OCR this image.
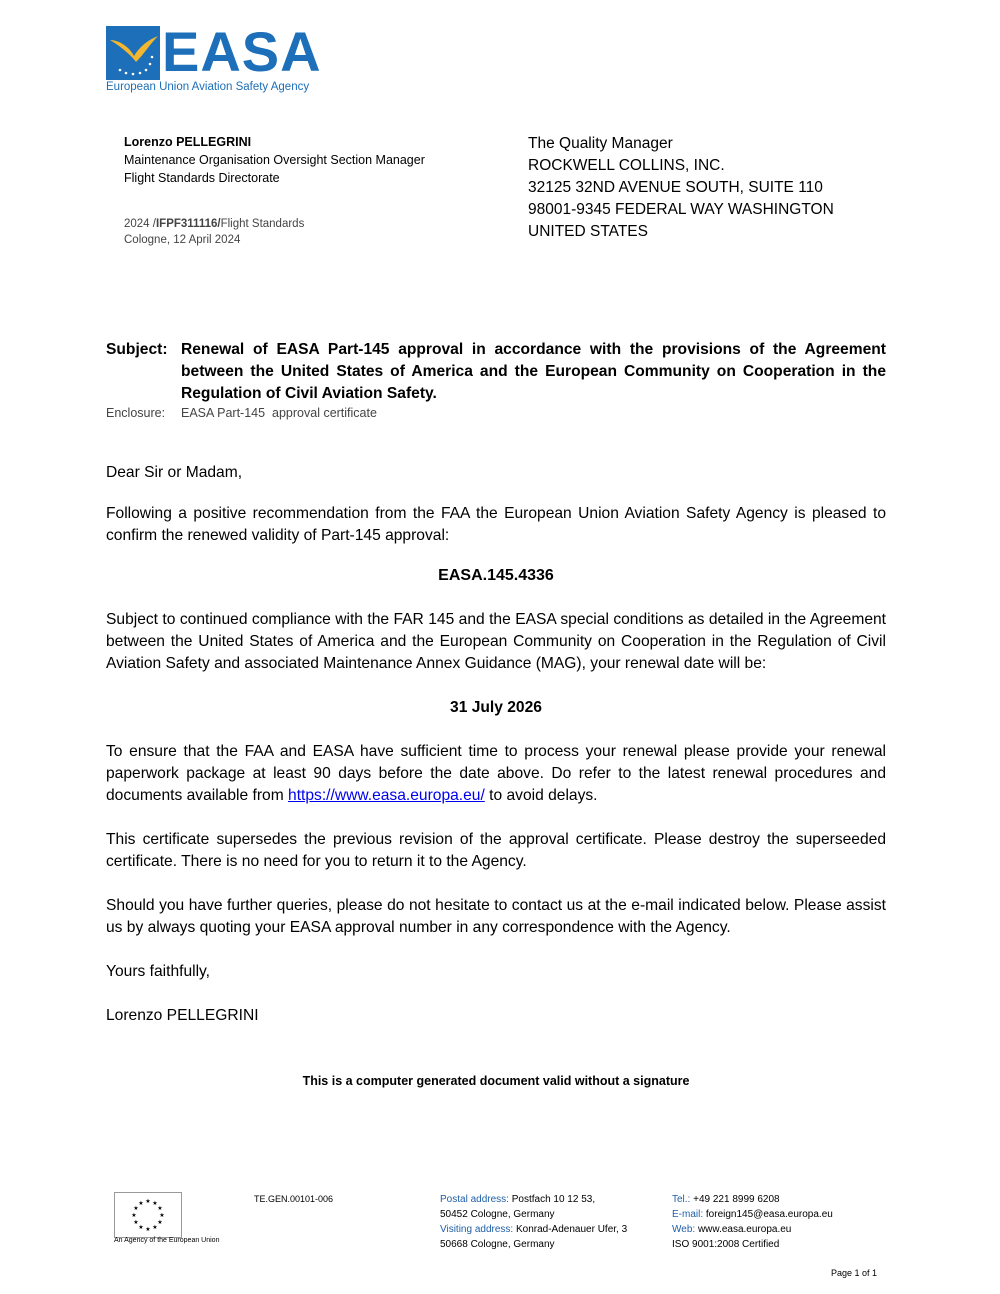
EASA
European Union Aviation Safety Agency
Lorenzo PELLEGRINI
Maintenance Organisation Oversight Section Manager
Flight Standards Directorate
2024 /IFPF311116/Flight Standards
Cologne, 12 April 2024
The Quality Manager
ROCKWELL COLLINS, INC.
32125 32ND AVENUE SOUTH, SUITE 110
98001-9345 FEDERAL WAY WASHINGTON
UNITED STATES
Subject: Renewal of EASA Part-145 approval in accordance with the provisions of the Agreement between the United States of America and the European Community on Cooperation in the Regulation of Civil Aviation Safety.
Enclosure: EASA Part-145  approval certificate
Dear Sir or Madam,
Following a positive recommendation from the FAA the European Union Aviation Safety Agency is pleased to confirm the renewed validity of Part-145 approval:
EASA.145.4336
Subject to continued compliance with the FAR 145 and the EASA special conditions as detailed in the Agreement between the United States of America and the European Community on Cooperation in the Regulation of Civil Aviation Safety and associated Maintenance Annex Guidance (MAG), your renewal date will be:
31 July 2026
To ensure that the FAA and EASA have sufficient time to process your renewal please provide your renewal paperwork package at least 90 days before the date above. Do refer to the latest renewal procedures and documents available from https://www.easa.europa.eu/ to avoid delays.
This certificate supersedes the previous revision of the approval certificate. Please destroy the superseeded certificate. There is no need for you to return it to the Agency.
Should you have further queries, please do not hesitate to contact us at the e-mail indicated below. Please assist us by always quoting your EASA approval number in any correspondence with the Agency.
Yours faithfully,
Lorenzo PELLEGRINI
This is a computer generated document valid without a signature
★ ★
★
★
★
★
★
★
★
★
★
★
An Agency of the European Union
TE.GEN.00101-006	Postal address: Postfach 10 12 53,
50452 Cologne, Germany
Visiting address: Konrad-Adenauer Ufer, 3
50668 Cologne, Germany
Tel.: +49 221 8999 6208
E-mail: foreign145@easa.europa.eu
Web: www.easa.europa.eu
ISO 9001:2008 Certified
Page 1 of 1
